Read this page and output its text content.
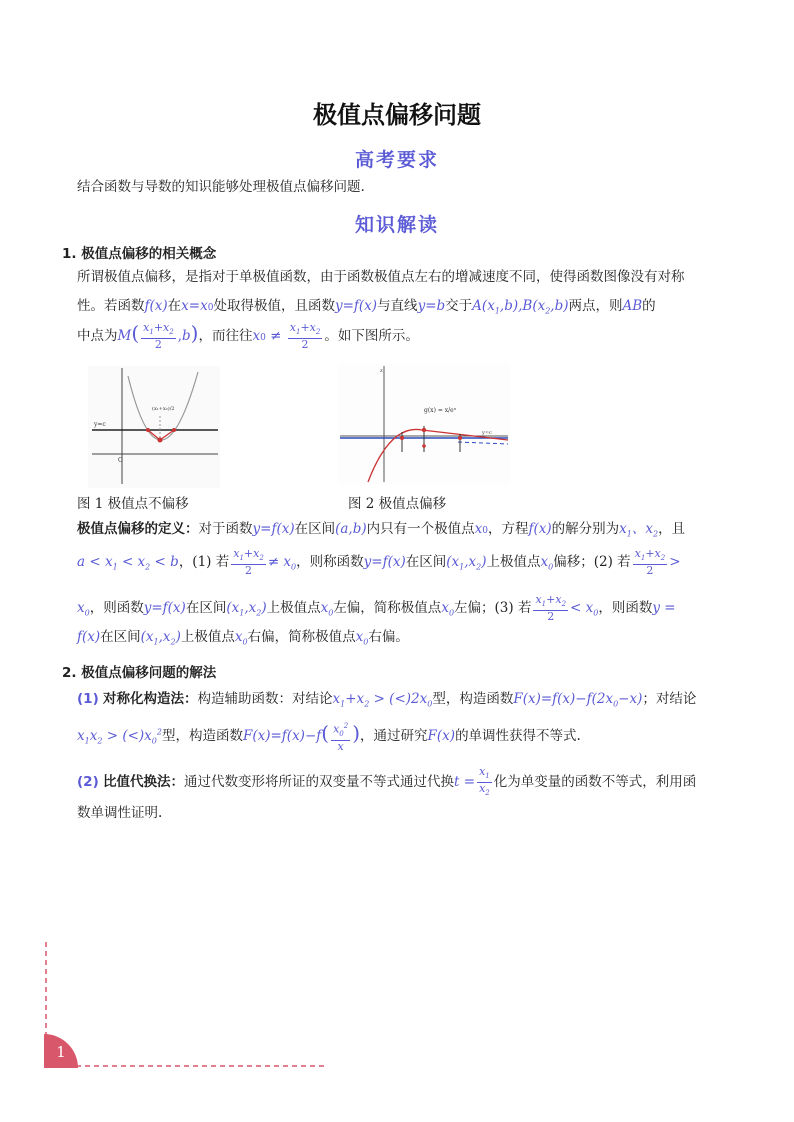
极值点偏移问题
高考要求
结合函数与导数的知识能够处理极值点偏移问题.
知识解读
1. 极值点偏移的相关概念
所谓极值点偏移，是指对于单极值函数，由于函数极值点左右的增减速度不同，使得函数图像没有对称
性。若函数f(x)在x=x0处取得极值，且函数y=f(x)与直线y=b交于$A(x_1,b),B(x_2,b)$两点，则AB的
中点为$M( \frac{x_1+x_2}{2} ,b)$，而往往$x0 \ne \frac{x_1+x_2}{2}$ 。如下图所示。
y=c
O
(x₁+x₂)/2	g(x) = x/eˣ
y=c
z
图 1 极值点不偏移	图 2 极值点偏移
极值点偏移的定义：对于函数y=f(x)在区间(a,b)内只有一个极值点x0，方程f(x)的解分别为$x_1$、$x_2$，且
$a < x_1 < x_2 < b$，(1) 若 $\frac{x_1+x_2}{2} \ne x_0$，则称函数y=f(x)在区间$(x_1,x_2)$上极值点$x_0$偏移；(2) 若 $\frac{x_1+x_2}{2}$ >
$x_0$，则函数y=f(x)在区间$(x_1,x_2)$上极值点$x_0$左偏，简称极值点$x_0$左偏；(3) 若 $\frac{x_1+x_2}{2} < x_0$，则函数y =
f(x)在区间$(x_1,x_2)$上极值点$x_0$右偏，简称极值点$x_0$右偏。
2. 极值点偏移问题的解法
(1) 对称化构造法：构造辅助函数：对结论$x_1+x_2 > (<)2x_0$型，构造函数$F(x)=f(x)-f(2x_0-x)$；对结论
$x_1x_2 > (<)x_0^2$型，构造函数$F(x)=f(x)-f( \frac{x_0^2}{x}$ )，通过研究F(x)的单调性获得不等式.
(2) 比值代换法：通过代数变形将所证的双变量不等式通过代换$t = \frac{x_1}{x_2}$ 化为单变量的函数不等式，利用函
数单调性证明.
1
